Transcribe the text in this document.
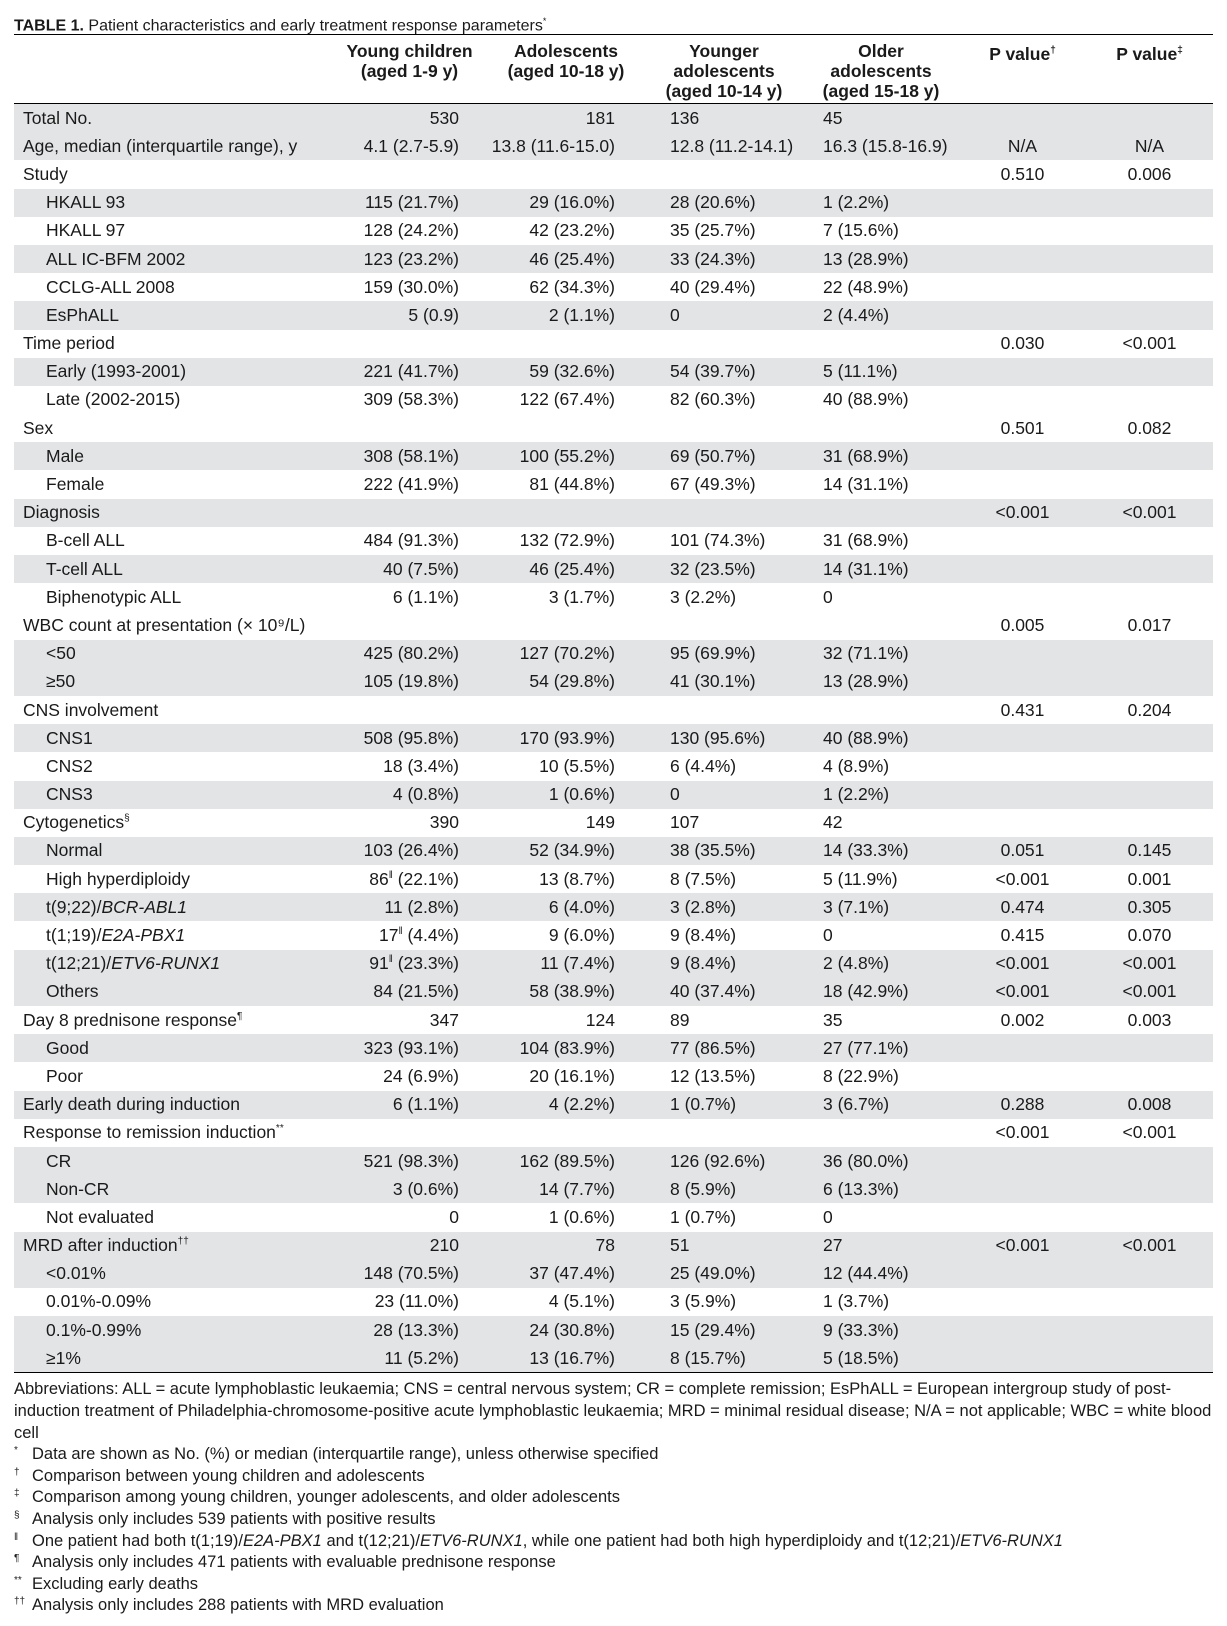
TABLE 1. Patient characteristics and early treatment response parameters*
	Young children
(aged 1-9 y)	Adolescents
(aged 10-18 y)	Younger
adolescents
(aged 10-14 y)	Older
adolescents
(aged 15-18 y)	P value†	P value‡
Total No.	530	181	136	45		
Age, median (interquartile range), y	4.1 (2.7-5.9)	13.8 (11.6-15.0)	12.8 (11.2-14.1)	16.3 (15.8-16.9)	N/A	N/A
Study					0.510	0.006
HKALL 93	115 (21.7%)	29 (16.0%)	28 (20.6%)	1 (2.2%)		
HKALL 97	128 (24.2%)	42 (23.2%)	35 (25.7%)	7 (15.6%)		
ALL IC-BFM 2002	123 (23.2%)	46 (25.4%)	33 (24.3%)	13 (28.9%)		
CCLG-ALL 2008	159 (30.0%)	62 (34.3%)	40 (29.4%)	22 (48.9%)		
EsPhALL	5 (0.9)	2 (1.1%)	0	2 (4.4%)		
Time period					0.030	<0.001
Early (1993-2001)	221 (41.7%)	59 (32.6%)	54 (39.7%)	5 (11.1%)		
Late (2002-2015)	309 (58.3%)	122 (67.4%)	82 (60.3%)	40 (88.9%)		
Sex					0.501	0.082
Male	308 (58.1%)	100 (55.2%)	69 (50.7%)	31 (68.9%)		
Female	222 (41.9%)	81 (44.8%)	67 (49.3%)	14 (31.1%)		
Diagnosis					<0.001	<0.001
B-cell ALL	484 (91.3%)	132 (72.9%)	101 (74.3%)	31 (68.9%)		
T-cell ALL	40 (7.5%)	46 (25.4%)	32 (23.5%)	14 (31.1%)		
Biphenotypic ALL	6 (1.1%)	3 (1.7%)	3 (2.2%)	0		
WBC count at presentation (× 10⁹/L)					0.005	0.017
<50	425 (80.2%)	127 (70.2%)	95 (69.9%)	32 (71.1%)		
≥50	105 (19.8%)	54 (29.8%)	41 (30.1%)	13 (28.9%)		
CNS involvement					0.431	0.204
CNS1	508 (95.8%)	170 (93.9%)	130 (95.6%)	40 (88.9%)		
CNS2	18 (3.4%)	10 (5.5%)	6 (4.4%)	4 (8.9%)		
CNS3	4 (0.8%)	1 (0.6%)	0	1 (2.2%)		
Cytogenetics§	390	149	107	42		
Normal	103 (26.4%)	52 (34.9%)	38 (35.5%)	14 (33.3%)	0.051	0.145
High hyperdiploidy	86‖ (22.1%)	13 (8.7%)	8 (7.5%)	5 (11.9%)	<0.001	0.001
t(9;22)/BCR-ABL1	11 (2.8%)	6 (4.0%)	3 (2.8%)	3 (7.1%)	0.474	0.305
t(1;19)/E2A-PBX1	17‖ (4.4%)	9 (6.0%)	9 (8.4%)	0	0.415	0.070
t(12;21)/ETV6-RUNX1	91‖ (23.3%)	11 (7.4%)	9 (8.4%)	2 (4.8%)	<0.001	<0.001
Others	84 (21.5%)	58 (38.9%)	40 (37.4%)	18 (42.9%)	<0.001	<0.001
Day 8 prednisone response¶	347	124	89	35	0.002	0.003
Good	323 (93.1%)	104 (83.9%)	77 (86.5%)	27 (77.1%)		
Poor	24 (6.9%)	20 (16.1%)	12 (13.5%)	8 (22.9%)		
Early death during induction	6 (1.1%)	4 (2.2%)	1 (0.7%)	3 (6.7%)	0.288	0.008
Response to remission induction**					<0.001	<0.001
CR	521 (98.3%)	162 (89.5%)	126 (92.6%)	36 (80.0%)		
Non-CR	3 (0.6%)	14 (7.7%)	8 (5.9%)	6 (13.3%)		
Not evaluated	0	1 (0.6%)	1 (0.7%)	0		
MRD after induction††	210	78	51	27	<0.001	<0.001
<0.01%	148 (70.5%)	37 (47.4%)	25 (49.0%)	12 (44.4%)		
0.01%-0.09%	23 (11.0%)	4 (5.1%)	3 (5.9%)	1 (3.7%)		
0.1%-0.99%	28 (13.3%)	24 (30.8%)	15 (29.4%)	9 (33.3%)		
≥1%	11 (5.2%)	13 (16.7%)	8 (15.7%)	5 (18.5%)		
Abbreviations: ALL = acute lymphoblastic leukaemia; CNS = central nervous system; CR = complete remission; EsPhALL = European intergroup study of post-induction treatment of Philadelphia-chromosome-positive acute lymphoblastic leukaemia; MRD = minimal residual disease; N/A = not applicable; WBC = white blood cell
* Data are shown as No. (%) or median (interquartile range), unless otherwise specified
† Comparison between young children and adolescents
‡ Comparison among young children, younger adolescents, and older adolescents
§ Analysis only includes 539 patients with positive results
‖ One patient had both t(1;19)/E2A-PBX1 and t(12;21)/ETV6-RUNX1, while one patient had both high hyperdiploidy and t(12;21)/ETV6-RUNX1
¶ Analysis only includes 471 patients with evaluable prednisone response
** Excluding early deaths
†† Analysis only includes 288 patients with MRD evaluation
